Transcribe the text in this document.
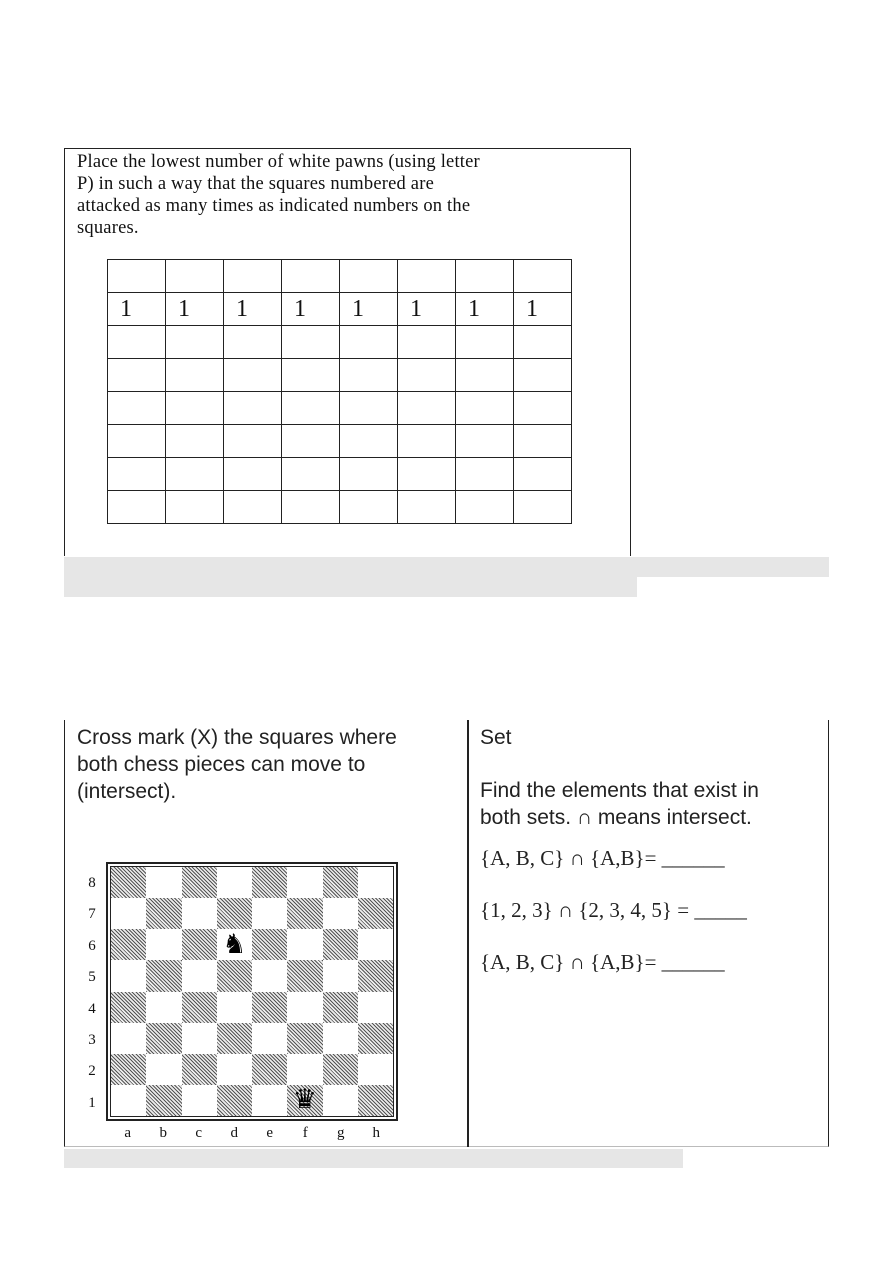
Place the lowest number of white pawns (using letter
P) in such a way that the squares numbered are
attacked as many times as indicated numbers on the
squares.

1	1	1	1	1	1	1	1

Cross mark (X) the squares where
both chess pieces can move to
(intersect).
8
7
6
5
4
3
2
1
♞
♛
a	b	c	d	e	f	g	h
Set
Find the elements that exist in
both sets. ∩ means intersect.
{A, B, C} ∩ {A,B}= ______
{1, 2, 3} ∩ {2, 3, 4, 5} = _____
{A, B, C} ∩ {A,B}= ______
